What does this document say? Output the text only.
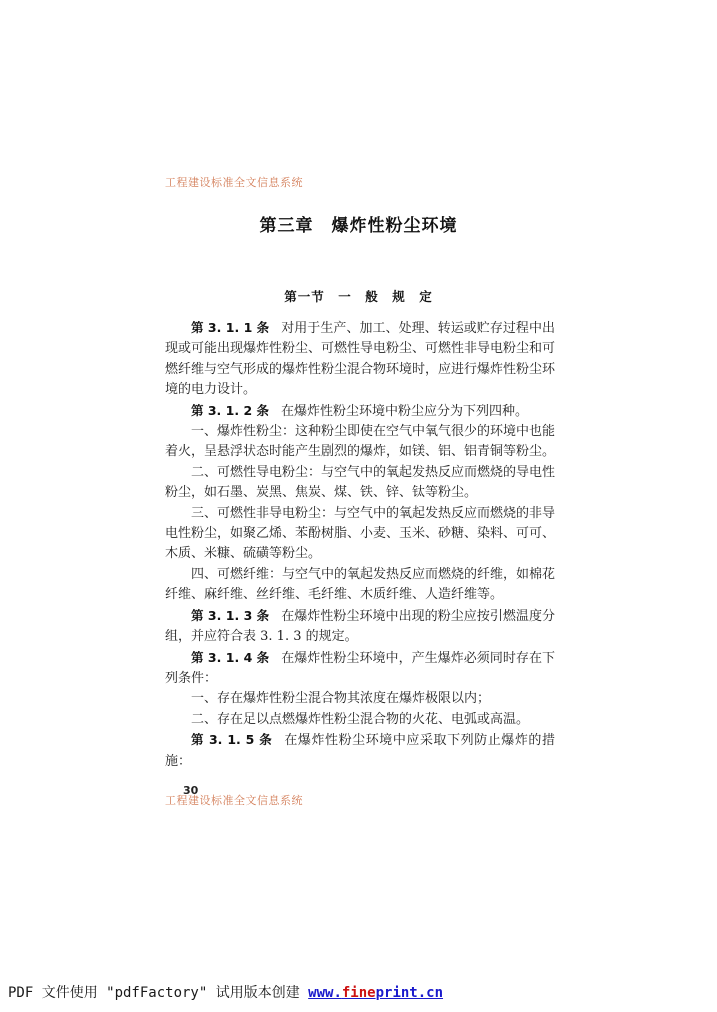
工程建设标准全文信息系统
第三章　爆炸性粉尘环境
第一节　一　般　规　定

第 3. 1. 1 条 对用于生产、加工、处理、转运或贮存过程中出现或可能出现爆炸性粉尘、可燃性导电粉尘、可燃性非导电粉尘和可燃纤维与空气形成的爆炸性粉尘混合物环境时，应进行爆炸性粉尘环境的电力设计。

第 3. 1. 2 条 在爆炸性粉尘环境中粉尘应分为下列四种。

一、爆炸性粉尘：这种粉尘即使在空气中氧气很少的环境中也能着火，呈悬浮状态时能产生剧烈的爆炸，如镁、铝、铝青铜等粉尘。

二、可燃性导电粉尘：与空气中的氧起发热反应而燃烧的导电性粉尘，如石墨、炭黑、焦炭、煤、铁、锌、钛等粉尘。

三、可燃性非导电粉尘：与空气中的氧起发热反应而燃烧的非导电性粉尘，如聚乙烯、苯酚树脂、小麦、玉米、砂糖、染料、可可、木质、米糠、硫磺等粉尘。

四、可燃纤维：与空气中的氧起发热反应而燃烧的纤维，如棉花纤维、麻纤维、丝纤维、毛纤维、木质纤维、人造纤维等。

第 3. 1. 3 条 在爆炸性粉尘环境中出现的粉尘应按引燃温度分组，并应符合表 3. 1. 3 的规定。

第 3. 1. 4 条 在爆炸性粉尘环境中，产生爆炸必须同时存在下列条件：

一、存在爆炸性粉尘混合物其浓度在爆炸极限以内；

二、存在足以点燃爆炸性粉尘混合物的火花、电弧或高温。

第 3. 1. 5 条 在爆炸性粉尘环境中应采取下列防止爆炸的措施：

30
工程建设标准全文信息系统
PDF 文件使用 "pdfFactory" 试用版本创建 www.fineprint.cn
